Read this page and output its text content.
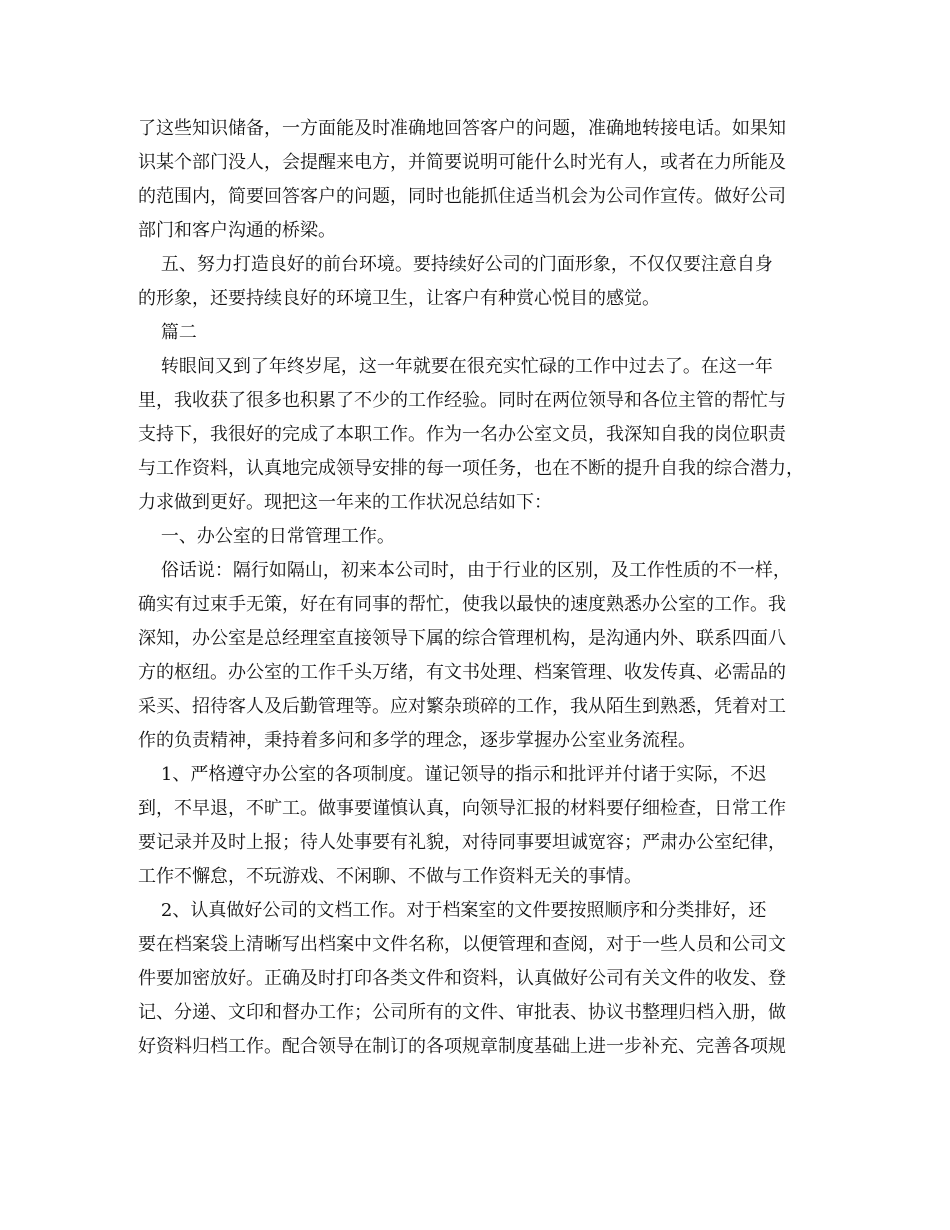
了这些知识储备，一方面能及时准确地回答客户的问题，准确地转接电话。如果知

识某个部门没人，会提醒来电方，并简要说明可能什么时光有人，或者在力所能及

的范围内，简要回答客户的问题，同时也能抓住适当机会为公司作宣传。做好公司

部门和客户沟通的桥梁。

五、努力打造良好的前台环境。要持续好公司的门面形象，不仅仅要注意自身

的形象，还要持续良好的环境卫生，让客户有种赏心悦目的感觉。

篇二

转眼间又到了年终岁尾，这一年就要在很充实忙碌的工作中过去了。在这一年

里，我收获了很多也积累了不少的工作经验。同时在两位领导和各位主管的帮忙与

支持下，我很好的完成了本职工作。作为一名办公室文员，我深知自我的岗位职责

与工作资料，认真地完成领导安排的每一项任务，也在不断的提升自我的综合潜力，

力求做到更好。现把这一年来的工作状况总结如下：

一、办公室的日常管理工作。

俗话说：隔行如隔山，初来本公司时，由于行业的区别，及工作性质的不一样，

确实有过束手无策，好在有同事的帮忙，使我以最快的速度熟悉办公室的工作。我

深知，办公室是总经理室直接领导下属的综合管理机构，是沟通内外、联系四面八

方的枢纽。办公室的工作千头万绪，有文书处理、档案管理、收发传真、必需品的

采买、招待客人及后勤管理等。应对繁杂琐碎的工作，我从陌生到熟悉，凭着对工

作的负责精神，秉持着多问和多学的理念，逐步掌握办公室业务流程。

1、严格遵守办公室的各项制度。谨记领导的指示和批评并付诸于实际，不迟

到，不早退，不旷工。做事要谨慎认真，向领导汇报的材料要仔细检查，日常工作

要记录并及时上报；待人处事要有礼貌，对待同事要坦诚宽容；严肃办公室纪律，

工作不懈怠，不玩游戏、不闲聊、不做与工作资料无关的事情。

2、认真做好公司的文档工作。对于档案室的文件要按照顺序和分类排好，还

要在档案袋上清晰写出档案中文件名称，以便管理和查阅，对于一些人员和公司文

件要加密放好。正确及时打印各类文件和资料，认真做好公司有关文件的收发、登

记、分递、文印和督办工作；公司所有的文件、审批表、协议书整理归档入册，做

好资料归档工作。配合领导在制订的各项规章制度基础上进一步补充、完善各项规
